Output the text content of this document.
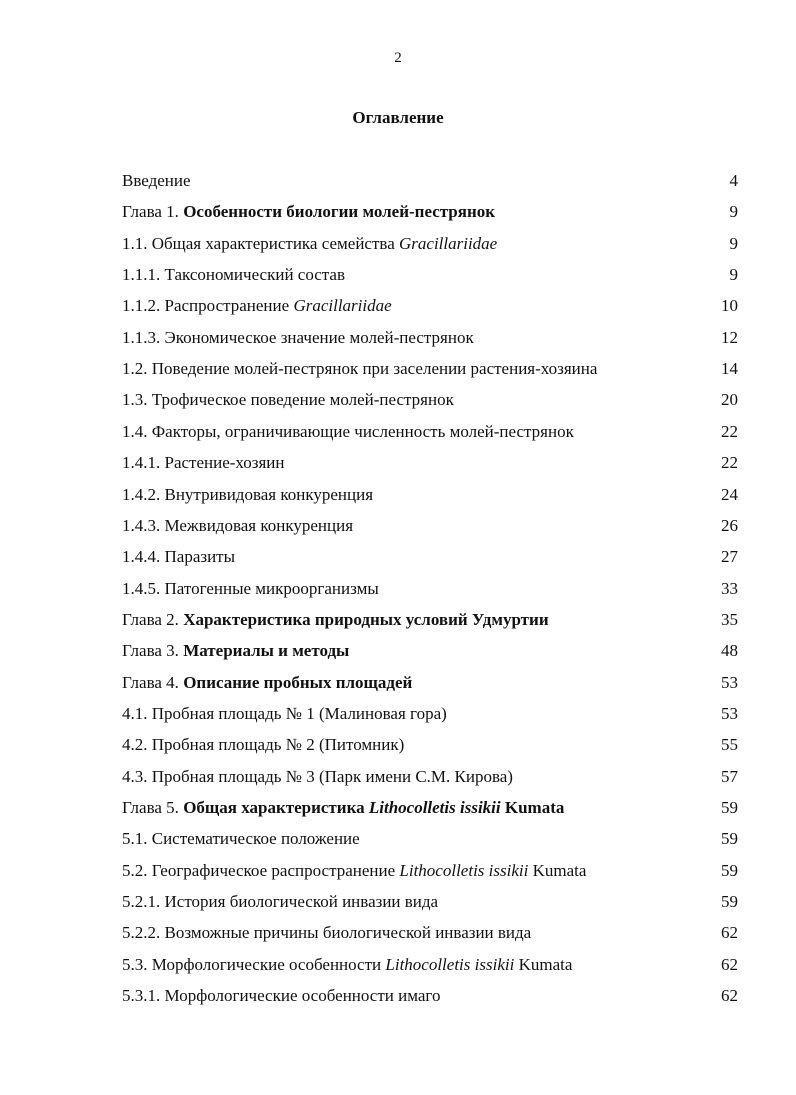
2
Оглавление
Введение	4
Глава 1. Особенности биологии молей-пестрянок	9
1.1. Общая характеристика семейства Gracillariidae	9
1.1.1. Таксономический состав	9
1.1.2. Распространение Gracillariidae	10
1.1.3. Экономическое значение молей-пестрянок	12
1.2. Поведение молей-пестрянок при заселении растения-хозяина	14
1.3. Трофическое поведение молей-пестрянок	20
1.4. Факторы, ограничивающие численность молей-пестрянок	22
1.4.1. Растение-хозяин	22
1.4.2. Внутривидовая конкуренция	24
1.4.3. Межвидовая конкуренция	26
1.4.4. Паразиты	27
1.4.5. Патогенные микроорганизмы	33
Глава 2. Характеристика природных условий Удмуртии	35
Глава 3. Материалы и методы	48
Глава 4. Описание пробных площадей	53
4.1. Пробная площадь № 1 (Малиновая гора)	53
4.2. Пробная площадь № 2 (Питомник)	55
4.3. Пробная площадь № 3 (Парк имени С.М. Кирова)	57
Глава 5. Общая характеристика Lithocolletis issikii Kumata	59
5.1. Систематическое положение	59
5.2. Географическое распространение Lithocolletis issikii Kumata	59
5.2.1. История биологической инвазии вида	59
5.2.2. Возможные причины биологической инвазии вида	62
5.3. Морфологические особенности Lithocolletis issikii Kumata	62
5.3.1. Морфологические особенности имаго	62
